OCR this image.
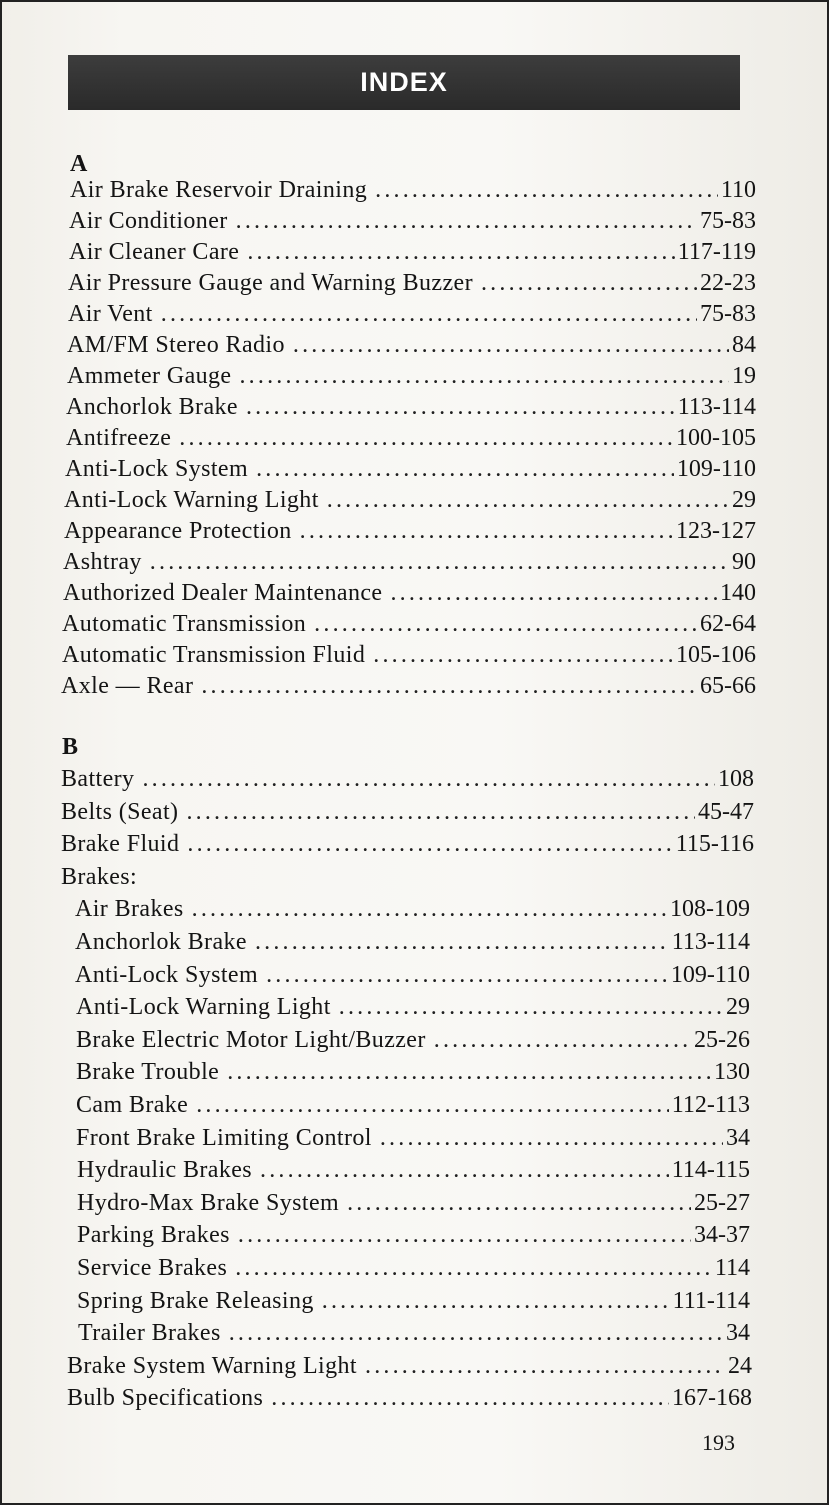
INDEX
A
B
193
Air Brake Reservoir Draining .....	110
Air Conditioner .....	75-83
Air Cleaner Care .....	117-119
Air Pressure Gauge and Warning Buzzer .....	22-23
Air Vent .....	75-83
AM/FM Stereo Radio .....	84
Ammeter Gauge .....	19
Anchorlok Brake .....	113-114
Antifreeze .....	100-105
Anti-Lock System .....	109-110
Anti-Lock Warning Light .....	29
Appearance Protection .....	123-127
Ashtray .....	90
Authorized Dealer Maintenance .....	140
Automatic Transmission .....	62-64
Automatic Transmission Fluid .....	105-106
Axle — Rear .....	65-66
Battery .....	108
Belts (Seat) .....	45-47
Brake Fluid .....	115-116
Brakes:
Air Brakes .....	108-109
Anchorlok Brake .....	113-114
Anti-Lock System .....	109-110
Anti-Lock Warning Light .....	29
Brake Electric Motor Light/Buzzer .....	25-26
Brake Trouble .....	130
Cam Brake .....	112-113
Front Brake Limiting Control .....	34
Hydraulic Brakes .....	114-115
Hydro-Max Brake System .....	25-27
Parking Brakes .....	34-37
Service Brakes .....	114
Spring Brake Releasing .....	111-114
Trailer Brakes .....	34
Brake System Warning Light .....	24
Bulb Specifications .....	167-168
